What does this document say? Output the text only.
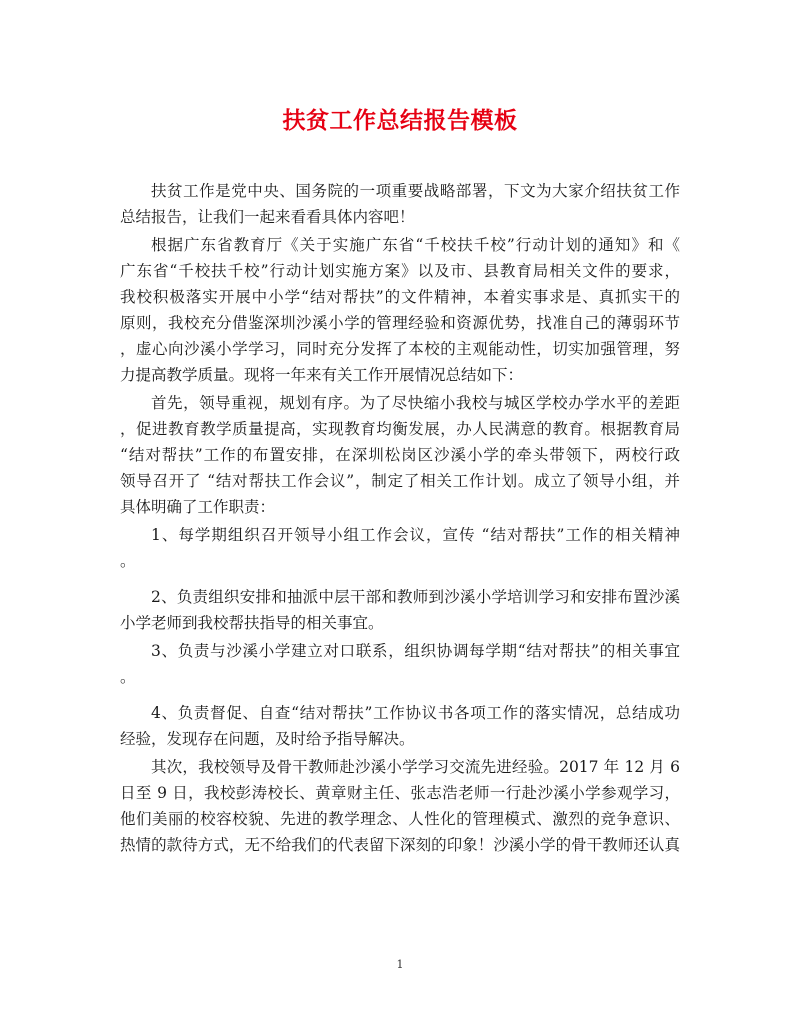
扶贫工作总结报告模板
扶贫工作是党中央、国务院的一项重要战略部署，下文为大家介绍扶贫工作
总结报告，让我们一起来看看具体内容吧！
根据广东省教育厅《关于实施广东省“千校扶千校”行动计划的通知》和《
广东省“千校扶千校”行动计划实施方案》以及市、县教育局相关文件的要求，
我校积极落实开展中小学“结对帮扶”的文件精神，本着实事求是、真抓实干的
原则，我校充分借鉴深圳沙溪小学的管理经验和资源优势，找准自己的薄弱环节
，虚心向沙溪小学学习，同时充分发挥了本校的主观能动性，切实加强管理，努
力提高教学质量。现将一年来有关工作开展情况总结如下：
首先，领导重视，规划有序。为了尽快缩小我校与城区学校办学水平的差距
，促进教育教学质量提高，实现教育均衡发展，办人民满意的教育。根据教育局
“结对帮扶”工作的布置安排，在深圳松岗区沙溪小学的牵头带领下，两校行政
领导召开了 “结对帮扶工作会议”，制定了相关工作计划。成立了领导小组，并
具体明确了工作职责：
1、每学期组织召开领导小组工作会议，宣传 “结对帮扶”工作的相关精神
。
2、负责组织安排和抽派中层干部和教师到沙溪小学培训学习和安排布置沙溪
小学老师到我校帮扶指导的相关事宜。
3、负责与沙溪小学建立对口联系，组织协调每学期“结对帮扶”的相关事宜
。
4、负责督促、自查“结对帮扶”工作协议书各项工作的落实情况，总结成功
经验，发现存在问题，及时给予指导解决。
其次，我校领导及骨干教师赴沙溪小学学习交流先进经验。2017 年 12 月 6
日至 9 日，我校彭涛校长、黄章财主任、张志浩老师一行赴沙溪小学参观学习，
他们美丽的校容校貌、先进的教学理念、人性化的管理模式、激烈的竞争意识、
热情的款待方式，无不给我们的代表留下深刻的印象！沙溪小学的骨干教师还认真
1
